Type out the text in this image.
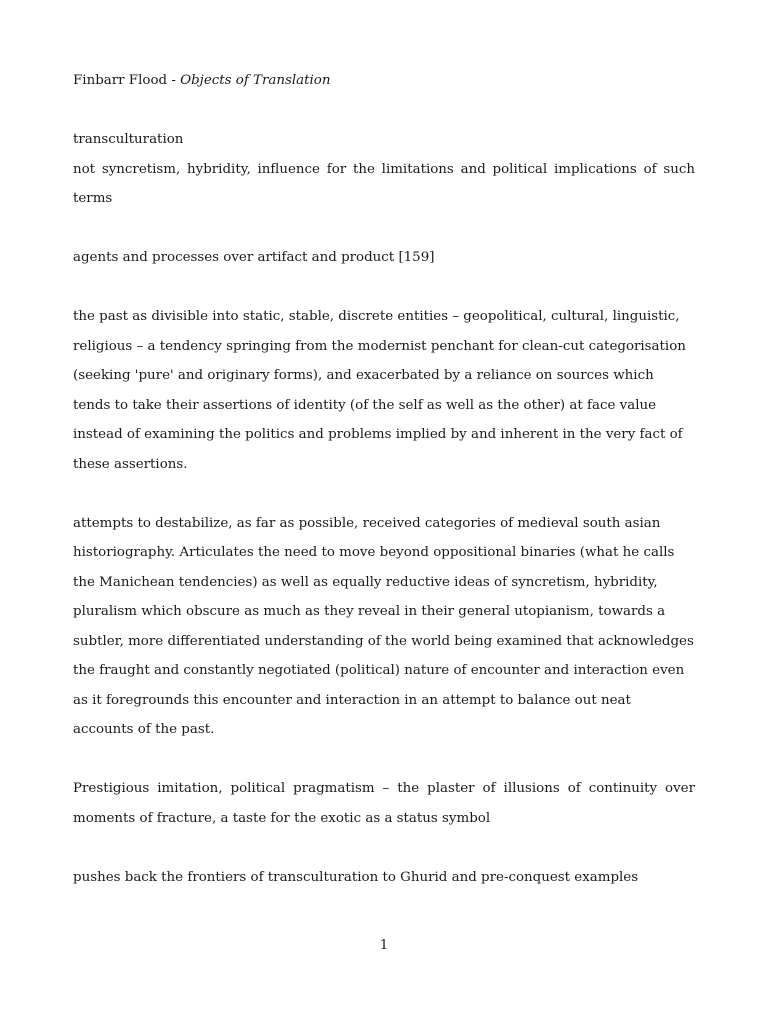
Finbarr Flood - Objects of Translation

transculturation

not syncretism, hybridity, influence for the limitations and political implications of such terms

agents and processes over artifact and product [159]

the past as divisible into static, stable, discrete entities – geopolitical, cultural, linguistic, religious – a tendency springing from the modernist penchant for clean-cut categorisation (seeking 'pure' and originary forms), and exacerbated by a reliance on sources which tends to take their assertions of identity (of the self as well as the other) at face value instead of examining the politics and problems implied by and inherent in the very fact of these assertions.

attempts to destabilize, as far as possible, received categories of medieval south asian historiography. Articulates the need to move beyond oppositional binaries (what he calls the Manichean tendencies) as well as equally reductive ideas of syncretism, hybridity, pluralism which obscure as much as they reveal in their general utopianism, towards a subtler, more differentiated understanding of the world being examined that acknowledges the fraught and constantly negotiated (political) nature of encounter and interaction even as it foregrounds this encounter and interaction in an attempt to balance out neat accounts of the past.

Prestigious imitation, political pragmatism – the plaster of illusions of continuity over moments of fracture, a taste for the exotic as a status symbol

pushes back the frontiers of transculturation to Ghurid and pre-conquest examples

1
